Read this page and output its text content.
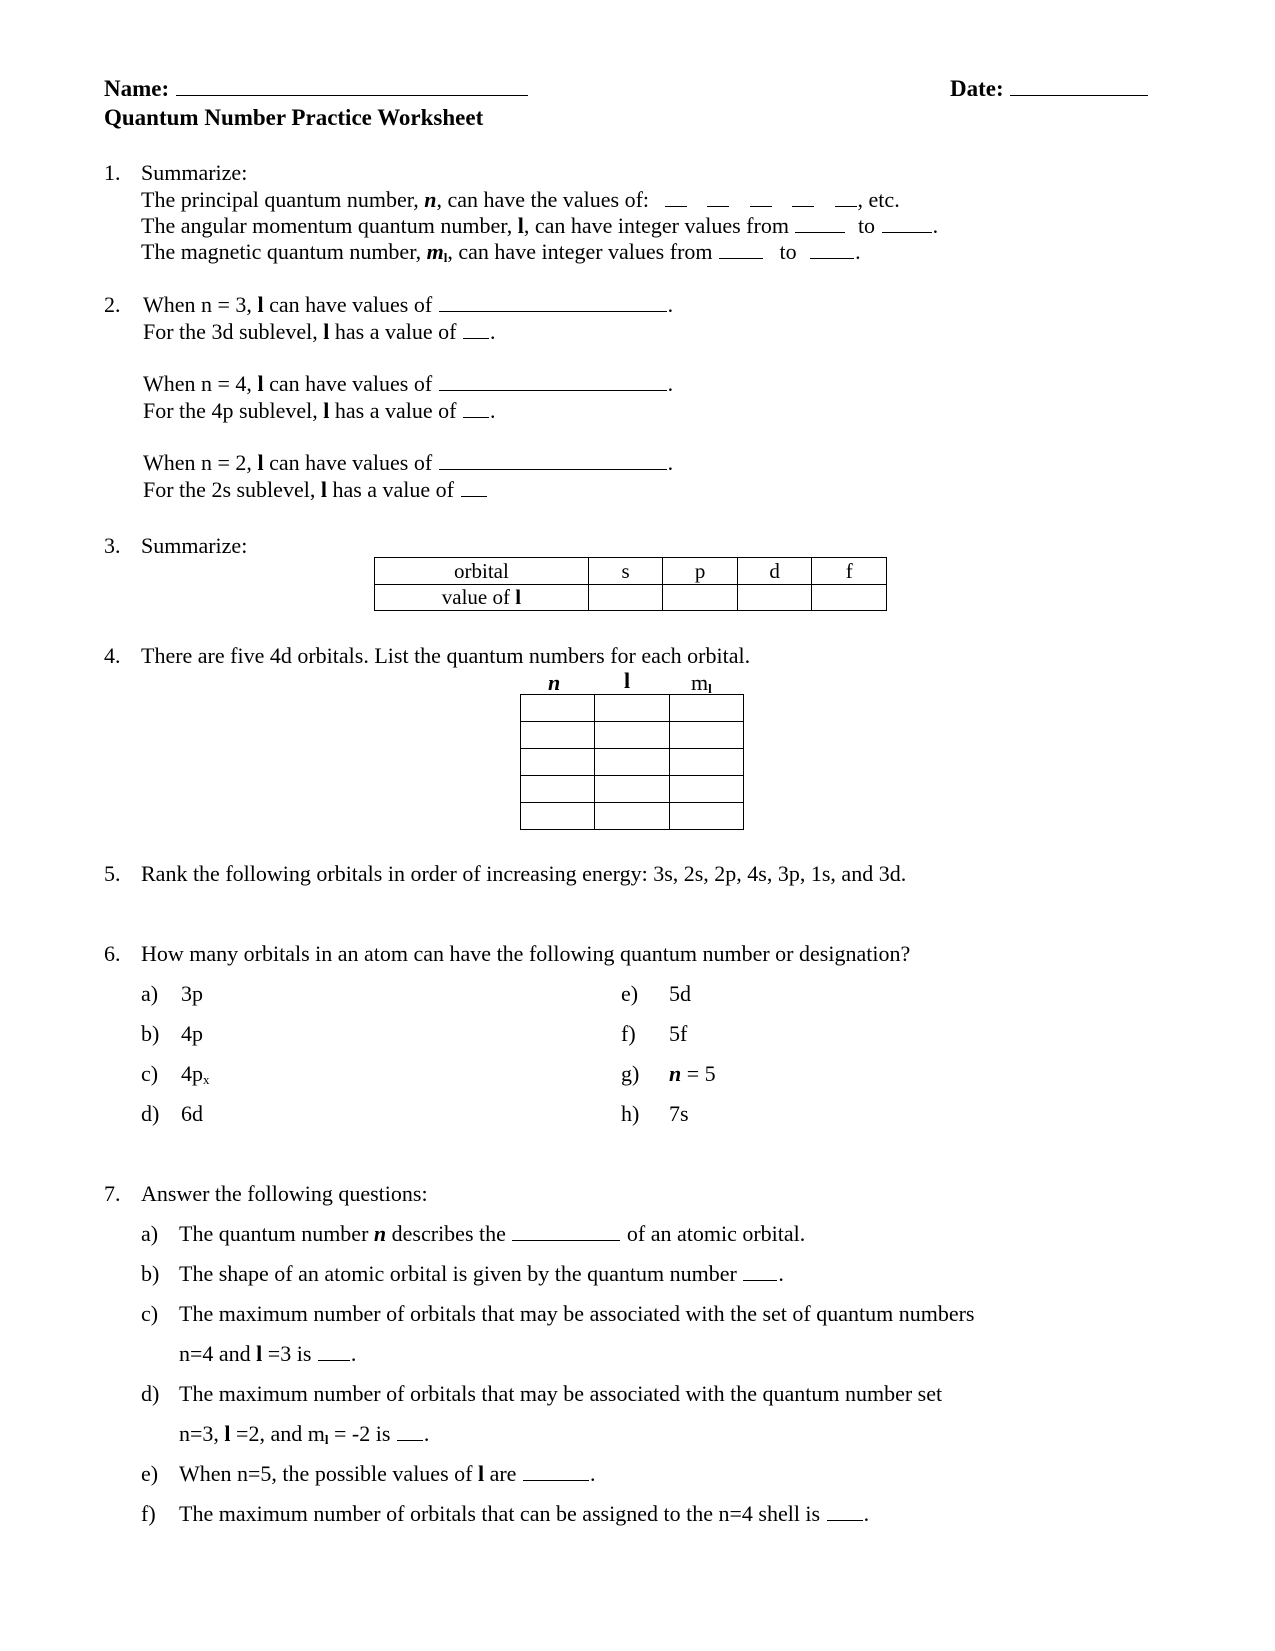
Name:	Date:
Quantum Number Practice Worksheet
1. Summarize:
The principal quantum number, n, can have the values of:	, etc.
The angular momentum quantum number, l, can have integer values from	to	.
The magnetic quantum number, $m_l$, can have integer values from	to	.
2. When n = 3, l can have values of	.
For the 3d sublevel, l has a value of .
When n = 4, l can have values of	.
For the 4p sublevel, l has a value of .
When n = 2, l can have values of	.
For the 2s sublevel, l has a value of
3. Summarize:
orbital	s	p	d	f
value of l				
4. There are five 4d orbitals. List the quantum numbers for each orbital.
n	l	$m_l$

5. Rank the following orbitals in order of increasing energy: 3s, 2s, 2p, 4s, 3p, 1s, and 3d.
6. How many orbitals in an atom can have the following quantum number or designation?
a) 3p
b) 4p
c) $4p_x$
d) 6d
e) 5d
f) 5f
g) n = 5
h) 7s
7. Answer the following questions:
a) The quantum number n describes the	of an atomic orbital.
b) The shape of an atomic orbital is given by the quantum number .
c) The maximum number of orbitals that may be associated with the set of quantum numbers
n=4 and l =3 is .
d) The maximum number of orbitals that may be associated with the quantum number set
n=3, l =2, and $m_l = -2$ is .
e) When n=5, the possible values of l are	.
f) The maximum number of orbitals that can be assigned to the n=4 shell is .
